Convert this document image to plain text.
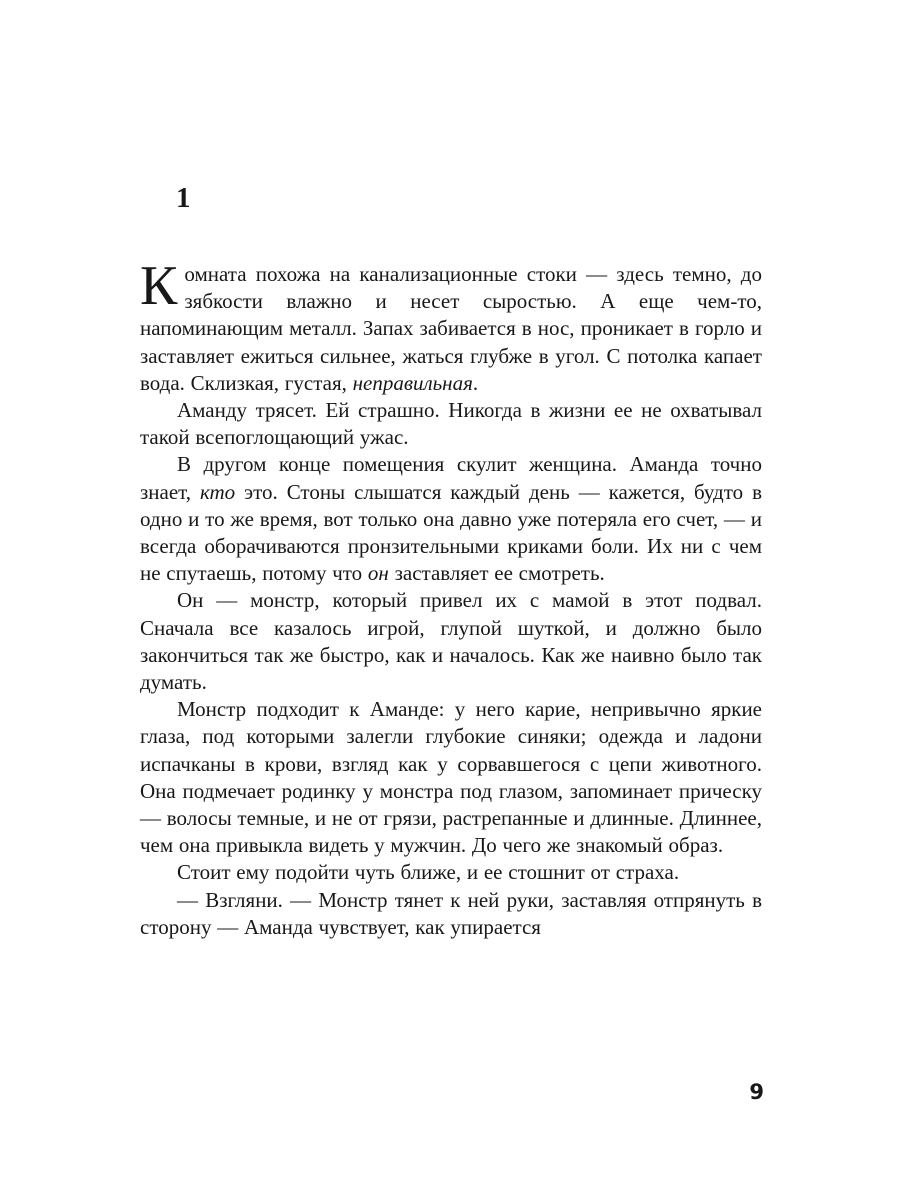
1

Комната похожа на канализационные стоки — здесь темно, до зябкости влажно и несет сыростью. А еще чем-то, напоминающим металл. Запах забивается в нос, проникает в горло и заставляет ежиться сильнее, жаться глубже в угол. С потолка капает вода. Склизкая, густая, неправильная.

Аманду трясет. Ей страшно. Никогда в жизни ее не охватывал такой всепоглощающий ужас.

В другом конце помещения скулит женщина. Аманда точно знает, кто это. Стоны слышатся каждый день — кажется, будто в одно и то же время, вот только она давно уже потеряла его счет, — и всегда оборачиваются пронзительными криками боли. Их ни с чем не спутаешь, потому что он заставляет ее смотреть.

Он — монстр, который привел их с мамой в этот подвал. Сначала все казалось игрой, глупой шуткой, и должно было закончиться так же быстро, как и началось. Как же наивно было так думать.

Монстр подходит к Аманде: у него карие, непривычно яркие глаза, под которыми залегли глубокие синяки; одежда и ладони испачканы в крови, взгляд как у сорвавшегося с цепи животного. Она подмечает родинку у монстра под глазом, запоминает прическу — волосы темные, и не от грязи, растрепанные и длинные. Длиннее, чем она привыкла видеть у мужчин. До чего же знакомый образ.

Стоит ему подойти чуть ближе, и ее стошнит от страха.

— Взгляни. — Монстр тянет к ней руки, заставляя отпрянуть в сторону — Аманда чувствует, как упирается

9
